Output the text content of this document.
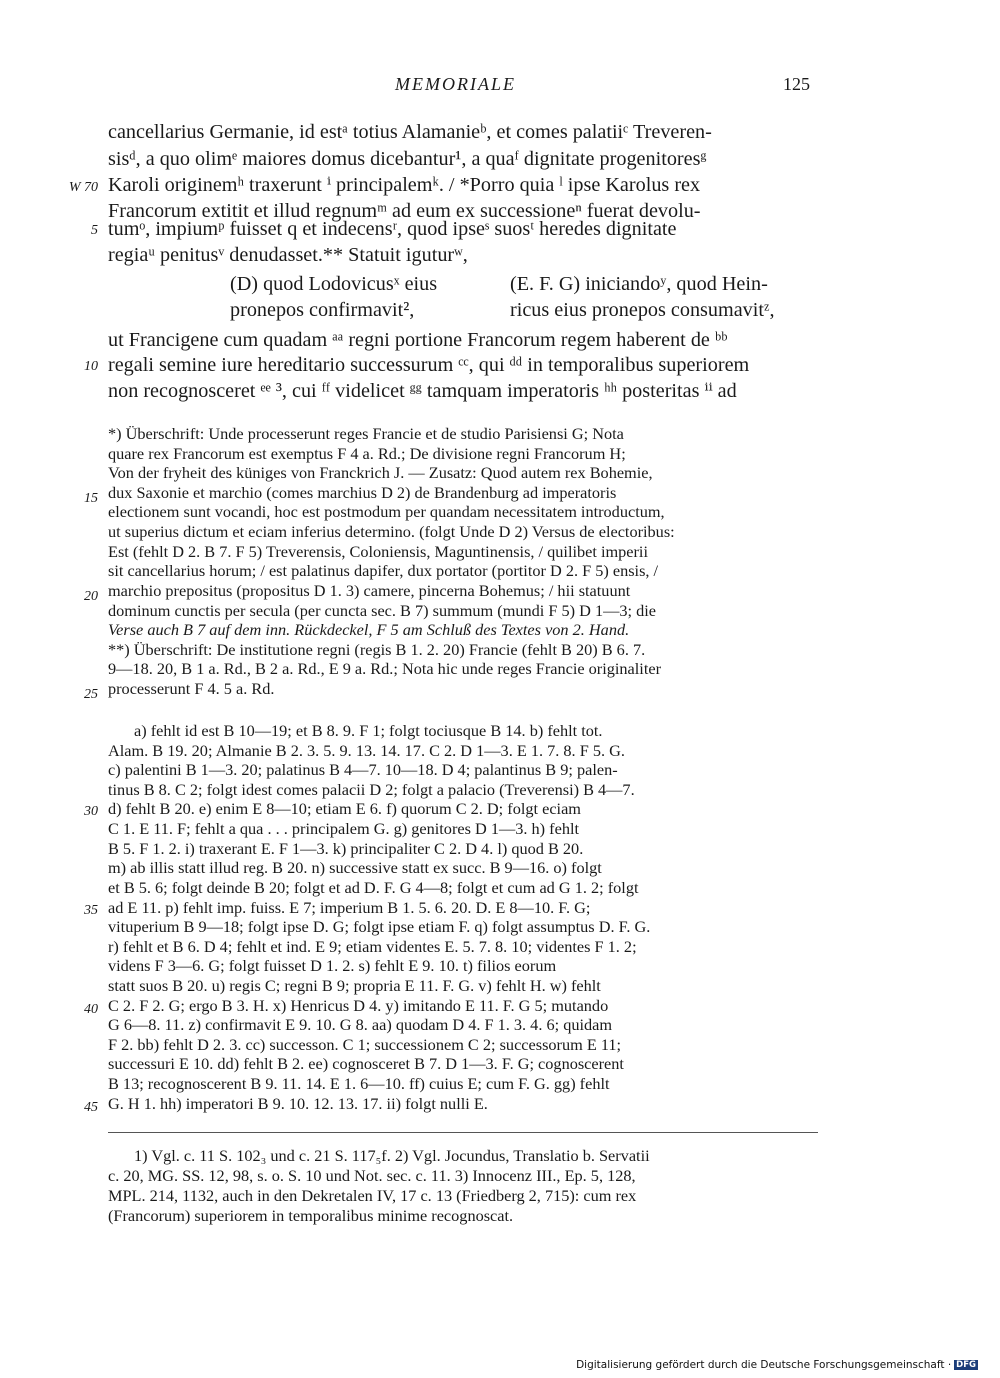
MEMORIALE	125
W 70
5
10
15
20
25
30
35
40
45
cancellarius Germanie, id estᵃ totius Alamanieᵇ, et comes palatiiᶜ Treveren-
sisᵈ, a quo olimᵉ maiores domus dicebantur¹, a quaᶠ dignitate progenitoresᵍ
Karoli originemʰ traxerunt ⁱ principalemᵏ. / *Porro quia ˡ ipse Karolus rex
Francorum extitit et illud regnumᵐ ad eum ex successioneⁿ fuerat devolu-
tumᵒ, impiumᵖ fuisset q et indecensʳ, quod ipseˢ suosᵗ heredes dignitate
regiaᵘ penitusᵛ denudasset.** Statuit iguturʷ,
(D) quod Lodovicusˣ eius
pronepos confirmavit²,
(E. F. G) iniciandoʸ, quod Hein-
ricus eius pronepos consumavitᶻ,
ut Francigene cum quadam ᵃᵃ regni portione Francorum regem haberent de ᵇᵇ
regali semine iure hereditario successurum ᶜᶜ, qui ᵈᵈ in temporalibus superiorem
non recognosceret ᵉᵉ ³, cui ᶠᶠ videlicet ᵍᵍ tamquam imperatoris ʰʰ posteritas ⁱⁱ ad
*) Überschrift: Unde processerunt reges Francie et de studio Parisiensi G; Nota
quare rex Francorum est exemptus F 4 a. Rd.; De divisione regni Francorum H;
Von der fryheit des küniges von Franckrich J. — Zusatz: Quod autem rex Bohemie,
dux Saxonie et marchio (comes marchius D 2) de Brandenburg ad imperatoris
electionem sunt vocandi, hoc est postmodum per quandam necessitatem introductum,
ut superius dictum et eciam inferius determino. (folgt Unde D 2) Versus de electoribus:
Est (fehlt D 2. B 7. F 5) Treverensis, Coloniensis, Maguntinensis, / quilibet imperii
sit cancellarius horum; / est palatinus dapifer, dux portator (portitor D 2. F 5) ensis, /
marchio prepositus (propositus D 1. 3) camere, pincerna Bohemus; / hii statuunt
dominum cunctis per secula (per cuncta sec. B 7) summum (mundi F 5) D 1—3; die
Verse auch B 7 auf dem inn. Rückdeckel, F 5 am Schluß des Textes von 2. Hand.
**) Überschrift: De institutione regni (regis B 1. 2. 20) Francie (fehlt B 20) B 6. 7.
9—18. 20, B 1 a. Rd., B 2 a. Rd., E 9 a. Rd.; Nota hic unde reges Francie originaliter
processerunt F 4. 5 a. Rd.
a) fehlt id est B 10—19; et B 8. 9. F 1; folgt tociusque B 14. b) fehlt tot.
Alam. B 19. 20; Almanie B 2. 3. 5. 9. 13. 14. 17. C 2. D 1—3. E 1. 7. 8. F 5. G.
c) palentini B 1—3. 20; palatinus B 4—7. 10—18. D 4; palantinus B 9; palen-
tinus B 8. C 2; folgt idest comes palacii D 2; folgt a palacio (Treverensi) B 4—7.
d) fehlt B 20. e) enim E 8—10; etiam E 6. f) quorum C 2. D; folgt eciam
C 1. E 11. F; fehlt a qua . . . principalem G. g) genitores D 1—3. h) fehlt
B 5. F 1. 2. i) traxerant E. F 1—3. k) principaliter C 2. D 4. l) quod B 20.
m) ab illis statt illud reg. B 20. n) successive statt ex succ. B 9—16. o) folgt
et B 5. 6; folgt deinde B 20; folgt et ad D. F. G 4—8; folgt et cum ad G 1. 2; folgt
ad E 11. p) fehlt imp. fuiss. E 7; imperium B 1. 5. 6. 20. D. E 8—10. F. G;
vituperium B 9—18; folgt ipse D. G; folgt ipse etiam F. q) folgt assumptus D. F. G.
r) fehlt et B 6. D 4; fehlt et ind. E 9; etiam videntes E. 5. 7. 8. 10; videntes F 1. 2;
videns F 3—6. G; folgt fuisset D 1. 2. s) fehlt E 9. 10. t) filios eorum
statt suos B 20. u) regis C; regni B 9; propria E 11. F. G. v) fehlt H. w) fehlt
C 2. F 2. G; ergo B 3. H. x) Henricus D 4. y) imitando E 11. F. G 5; mutando
G 6—8. 11. z) confirmavit E 9. 10. G 8. aa) quodam D 4. F 1. 3. 4. 6; quidam
F 2. bb) fehlt D 2. 3. cc) successon. C 1; successionem C 2; successorum E 11;
successuri E 10. dd) fehlt B 2. ee) cognosceret B 7. D 1—3. F. G; cognoscerent
B 13; recognoscerent B 9. 11. 14. E 1. 6—10. ff) cuius E; cum F. G. gg) fehlt
G. H 1. hh) imperatori B 9. 10. 12. 13. 17. ii) folgt nulli E.
1) Vgl. c. 11 S. 102₃ und c. 21 S. 117₅f. 2) Vgl. Jocundus, Translatio b. Servatii
c. 20, MG. SS. 12, 98, s. o. S. 10 und Not. sec. c. 11. 3) Innocenz III., Ep. 5, 128,
MPL. 214, 1132, auch in den Dekretalen IV, 17 c. 13 (Friedberg 2, 715): cum rex
(Francorum) superiorem in temporalibus minime recognoscat.
Digitalisierung gefördert durch die Deutsche Forschungsgemeinschaft · DFG
